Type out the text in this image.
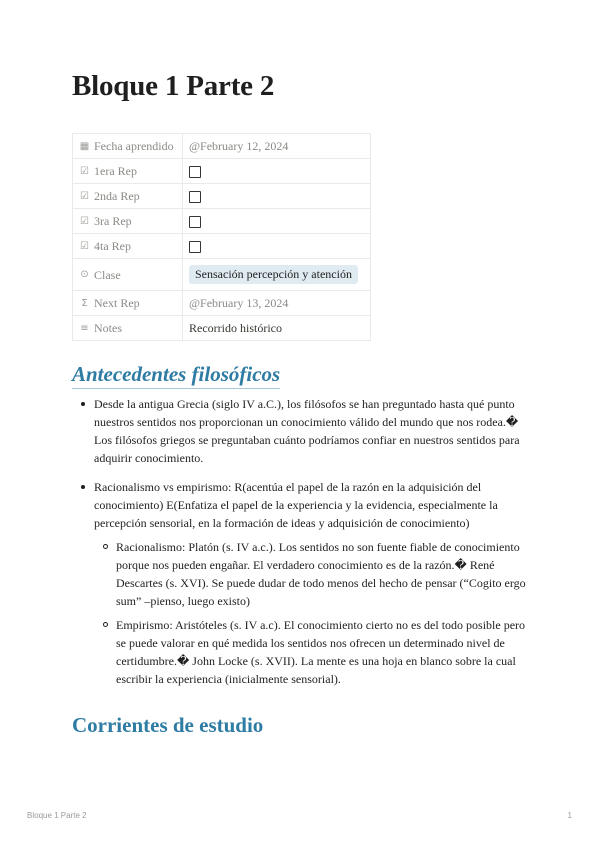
Bloque 1 Parte 2
▦ Fecha aprendido	@February 12, 2024
☑ 1era Rep	
☑ 2nda Rep	
☑ 3ra Rep	
☑ 4ta Rep	
⊙ Clase	Sensación percepción y atención
Σ Next Rep	@February 13, 2024
≡ Notes	Recorrido histórico
Antecedentes filosóficos
Desde la antigua Grecia (siglo IV a.C.), los filósofos se han preguntado hasta qué punto nuestros sentidos nos proporcionan un conocimiento válido del mundo que nos rodea.� Los filósofos griegos se preguntaban cuánto podríamos confiar en nuestros sentidos para adquirir conocimiento.
Racionalismo vs empirismo: R(acentúa el papel de la razón en la adquisición del conocimiento) E(Enfatiza el papel de la experiencia y la evidencia, especialmente la percepción sensorial, en la formación de ideas y adquisición de conocimiento)
Racionalismo: Platón (s. IV a.c.). Los sentidos no son fuente fiable de conocimiento porque nos pueden engañar. El verdadero conocimiento es de la razón.� René Descartes (s. XVI). Se puede dudar de todo menos del hecho de pensar (“Cogito ergo sum” –pienso, luego existo)
Empirismo: Aristóteles (s. IV a.c). El conocimiento cierto no es del todo posible pero se puede valorar en qué medida los sentidos nos ofrecen un determinado nivel de certidumbre.� John Locke (s. XVII). La mente es una hoja en blanco sobre la cual escribir la experiencia (inicialmente sensorial).
Corrientes de estudio
Bloque 1 Parte 2	1
